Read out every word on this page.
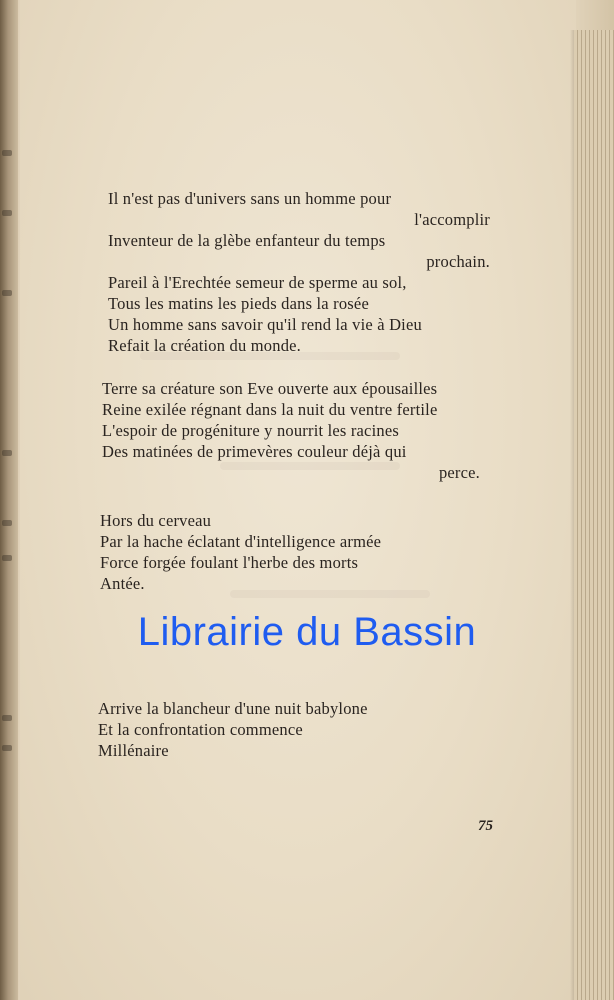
Il n'est pas d'univers sans un homme pour
l'accomplir
Inventeur de la glèbe enfanteur du temps
prochain.
Pareil à l'Erechtée semeur de sperme au sol,
Tous les matins les pieds dans la rosée
Un homme sans savoir qu'il rend la vie à Dieu
Refait la création du monde.
Terre sa créature son Eve ouverte aux épousailles
Reine exilée régnant dans la nuit du ventre fertile
L'espoir de progéniture y nourrit les racines
Des matinées de primevères couleur déjà qui
perce.
Hors du cerveau
Par la hache éclatant d'intelligence armée
Force forgée foulant l'herbe des morts
Antée.
Arrive la blancheur d'une nuit babylone
Et la confrontation commence
Millénaire
75
Librairie du Bassin
